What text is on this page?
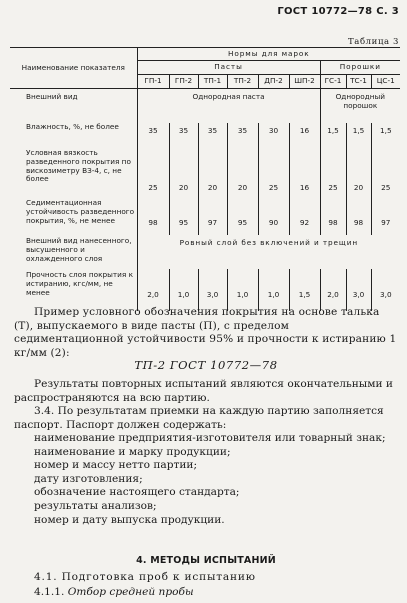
ГОСТ 10772—78 С. 3
Таблица 3
Наименование показателя	Нормы для марок								
	Пасты						Порошки		
	ГП-1	ГП-2	ТП-1	ТП-2	ДП-2	ШП-2	ГС-1	ТС-1	ЦС-1
Внешний вид	Однородная паста						Однородный порошок		
Влажность, %, не более	35	35	35	35	30	16	1,5	1,5	1,5
Условная вязкость разведенного покрытия по вискозиметру ВЗ-4, с, не более	25	20	20	20	25	16	25	20	25
Седиментационная устойчивость разведенного покрытия, %, не менее	98	95	97	95	90	92	98	98	97
Внешний вид нанесенного, высушенного и охлажденного слоя	Ровный слой без включений и трещин								
Прочность слоя покрытия к истиранию, кгс/мм, не менее	2,0	1,0	3,0	1,0	1,0	1,5	2,0	3,0	3,0
Пример условного обозначения покрытия на основе талька (Т), выпускаемого в виде пасты (П), с пределом седиментационной устойчивости 95% и прочности к истиранию 1 кг/мм (2):
ТП-2 ГОСТ 10772—78
Результаты повторных испытаний являются окончательными и распространяются на всю партию.
3.4. По результатам приемки на каждую партию заполняется паспорт. Паспорт должен содержать:
наименование предприятия-изготовителя или товарный знак;
наименование и марку продукции;
номер и массу нетто партии;
дату изготовления;
обозначение настоящего стандарта;
результаты анализов;
номер и дату выпуска продукции.
4. МЕТОДЫ ИСПЫТАНИЙ
4.1. Подготовка проб к испытанию
4.1.1. Отбор средней пробы
